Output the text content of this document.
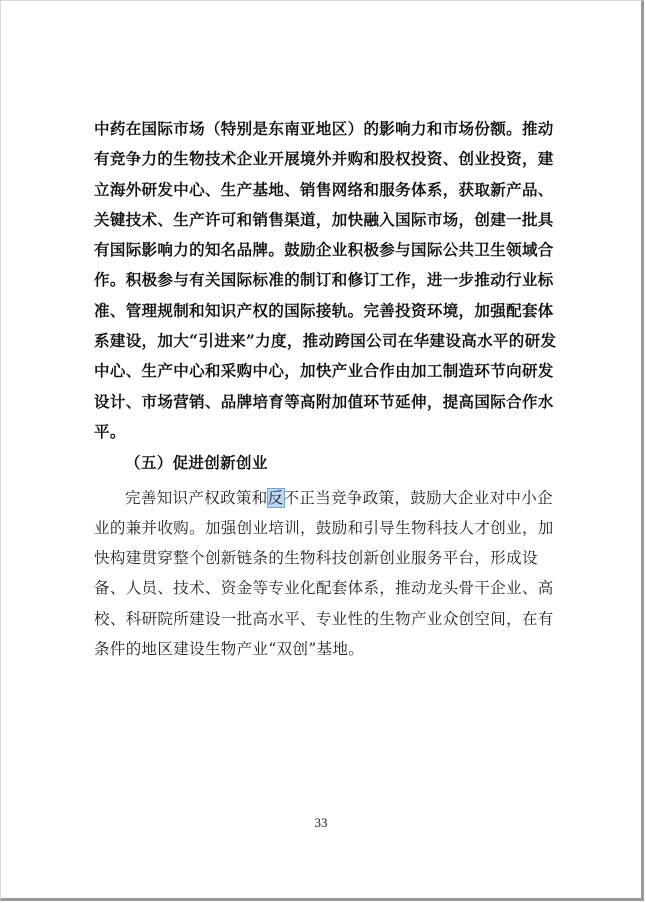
中药在国际市场（特别是东南亚地区）的影响力和市场份额。推动
有竞争力的生物技术企业开展境外并购和股权投资、创业投资，建
立海外研发中心、生产基地、销售网络和服务体系，获取新产品、
关键技术、生产许可和销售渠道，加快融入国际市场，创建一批具
有国际影响力的知名品牌。鼓励企业积极参与国际公共卫生领域合
作。积极参与有关国际标准的制订和修订工作，进一步推动行业标
准、管理规制和知识产权的国际接轨。完善投资环境，加强配套体
系建设，加大“引进来”力度，推动跨国公司在华建设高水平的研发
中心、生产中心和采购中心，加快产业合作由加工制造环节向研发
设计、市场营销、品牌培育等高附加值环节延伸，提高国际合作水
平。
（五）促进创新创业
完善知识产权政策和反不正当竞争政策，鼓励大企业对中小企
业的兼并收购。加强创业培训，鼓励和引导生物科技人才创业，加
快构建贯穿整个创新链条的生物科技创新创业服务平台，形成设
备、人员、技术、资金等专业化配套体系，推动龙头骨干企业、高
校、科研院所建设一批高水平、专业性的生物产业众创空间，在有
条件的地区建设生物产业“双创”基地。
33
